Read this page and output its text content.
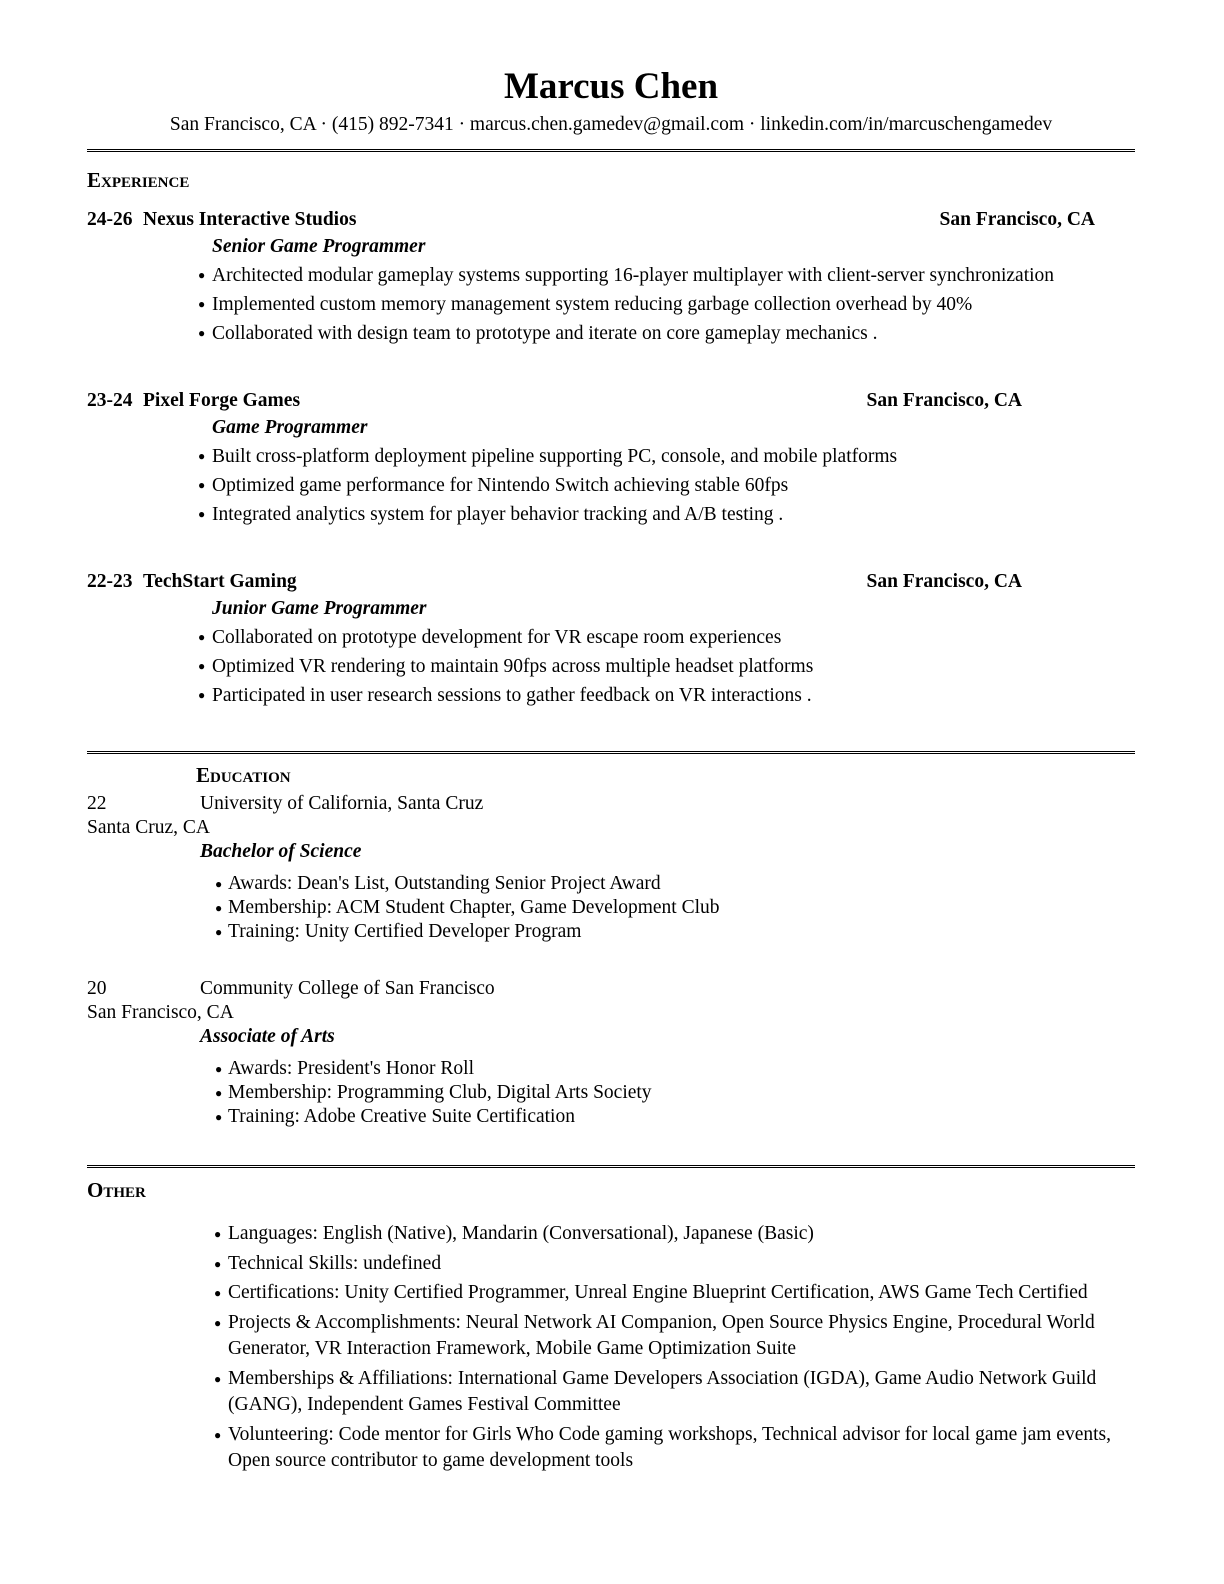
Marcus Chen
San Francisco, CA · (415) 892-7341 · marcus.chen.gamedev@gmail.com · linkedin.com/in/marcuschengamedev
Experience
24-26 Nexus Interactive Studios	San Francisco, CA
Senior Game Programmer
● Architected modular gameplay systems supporting 16-player multiplayer with client-server synchronization
● Implemented custom memory management system reducing garbage collection overhead by 40%
● Collaborated with design team to prototype and iterate on core gameplay mechanics .
23-24 Pixel Forge Games	San Francisco, CA
Game Programmer
● Built cross-platform deployment pipeline supporting PC, console, and mobile platforms
● Optimized game performance for Nintendo Switch achieving stable 60fps
● Integrated analytics system for player behavior tracking and A/B testing .
22-23 TechStart Gaming	San Francisco, CA
Junior Game Programmer
● Collaborated on prototype development for VR escape room experiences
● Optimized VR rendering to maintain 90fps across multiple headset platforms
● Participated in user research sessions to gather feedback on VR interactions .
Education
22	University of California, Santa Cruz
Santa Cruz, CA
Bachelor of Science
● Awards: Dean's List, Outstanding Senior Project Award
● Membership: ACM Student Chapter, Game Development Club
● Training: Unity Certified Developer Program
20	Community College of San Francisco
San Francisco, CA
Associate of Arts
● Awards: President's Honor Roll
● Membership: Programming Club, Digital Arts Society
● Training: Adobe Creative Suite Certification
Other
● Languages: English (Native), Mandarin (Conversational), Japanese (Basic)
● Technical Skills: undefined
● Certifications: Unity Certified Programmer, Unreal Engine Blueprint Certification, AWS Game Tech Certified
● Projects & Accomplishments: Neural Network AI Companion, Open Source Physics Engine, Procedural World Generator, VR Interaction Framework, Mobile Game Optimization Suite
● Memberships & Affiliations: International Game Developers Association (IGDA), Game Audio Network Guild (GANG), Independent Games Festival Committee
● Volunteering: Code mentor for Girls Who Code gaming workshops, Technical advisor for local game jam events, Open source contributor to game development tools
